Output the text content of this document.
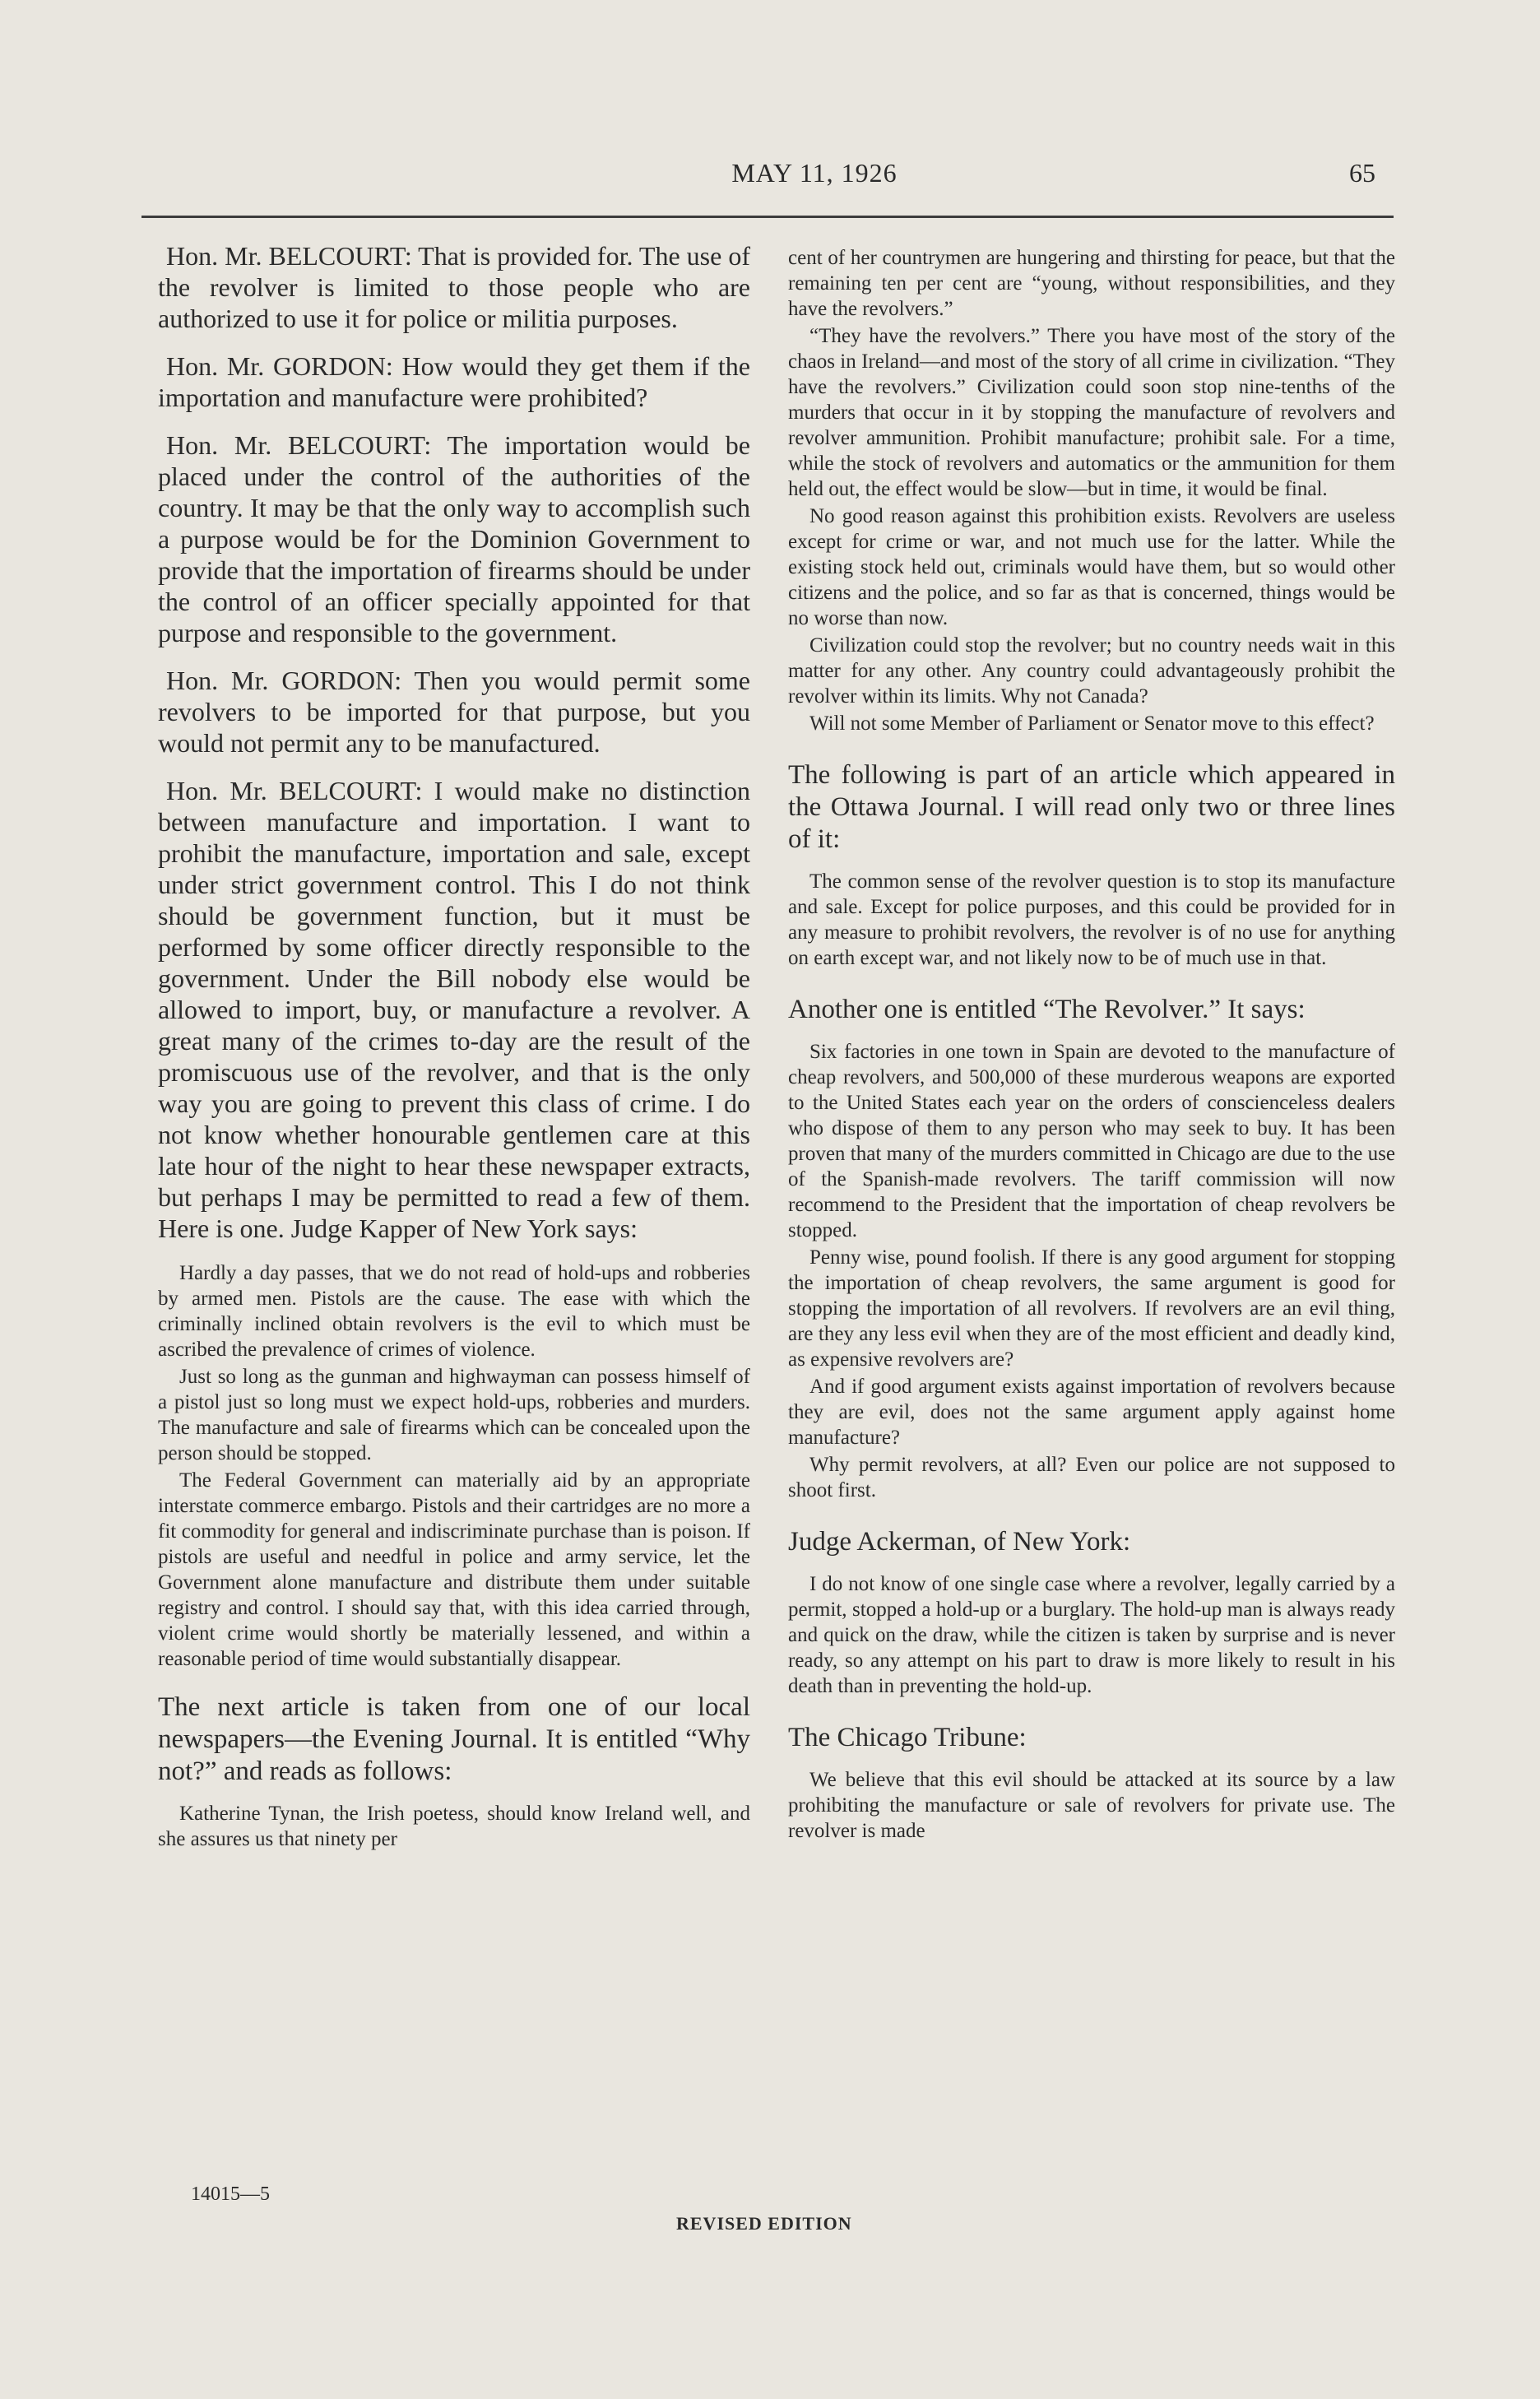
MAY 11, 1926	65

Hon. Mr. BELCOURT: That is provided for. The use of the revolver is limited to those people who are authorized to use it for police or militia purposes.

Hon. Mr. GORDON: How would they get them if the importation and manufacture were prohibited?

Hon. Mr. BELCOURT: The importation would be placed under the control of the authorities of the country. It may be that the only way to accomplish such a purpose would be for the Dominion Government to provide that the importation of firearms should be under the control of an officer specially appointed for that purpose and responsible to the government.

Hon. Mr. GORDON: Then you would permit some revolvers to be imported for that purpose, but you would not permit any to be manufactured.

Hon. Mr. BELCOURT: I would make no distinction between manufacture and importation. I want to prohibit the manufacture, importation and sale, except under strict government control. This I do not think should be government function, but it must be performed by some officer directly responsible to the government. Under the Bill nobody else would be allowed to import, buy, or manufacture a revolver. A great many of the crimes to-day are the result of the promiscuous use of the revolver, and that is the only way you are going to prevent this class of crime. I do not know whether honourable gentlemen care at this late hour of the night to hear these newspaper extracts, but perhaps I may be permitted to read a few of them. Here is one. Judge Kapper of New York says:

Hardly a day passes, that we do not read of hold-ups and robberies by armed men. Pistols are the cause. The ease with which the criminally inclined obtain revolvers is the evil to which must be ascribed the prevalence of crimes of violence.

Just so long as the gunman and highwayman can possess himself of a pistol just so long must we expect hold-ups, robberies and murders. The manufacture and sale of firearms which can be concealed upon the person should be stopped.

The Federal Government can materially aid by an appropriate interstate commerce embargo. Pistols and their cartridges are no more a fit commodity for general and indiscriminate purchase than is poison. If pistols are useful and needful in police and army service, let the Government alone manufacture and distribute them under suitable registry and control. I should say that, with this idea carried through, violent crime would shortly be materially lessened, and within a reasonable period of time would substantially disappear.

The next article is taken from one of our local newspapers—the Evening Journal. It is entitled “Why not?” and reads as follows:

Katherine Tynan, the Irish poetess, should know Ireland well, and she assures us that ninety per

cent of her countrymen are hungering and thirsting for peace, but that the remaining ten per cent are “young, without responsibilities, and they have the revolvers.”

“They have the revolvers.” There you have most of the story of the chaos in Ireland—and most of the story of all crime in civilization. “They have the revolvers.” Civilization could soon stop nine-tenths of the murders that occur in it by stopping the manufacture of revolvers and revolver ammunition. Prohibit manufacture; prohibit sale. For a time, while the stock of revolvers and automatics or the ammunition for them held out, the effect would be slow—but in time, it would be final.

No good reason against this prohibition exists. Revolvers are useless except for crime or war, and not much use for the latter. While the existing stock held out, criminals would have them, but so would other citizens and the police, and so far as that is concerned, things would be no worse than now.

Civilization could stop the revolver; but no country needs wait in this matter for any other. Any country could advantageously prohibit the revolver within its limits. Why not Canada?

Will not some Member of Parliament or Senator move to this effect?

The following is part of an article which appeared in the Ottawa Journal. I will read only two or three lines of it:

The common sense of the revolver question is to stop its manufacture and sale. Except for police purposes, and this could be provided for in any measure to prohibit revolvers, the revolver is of no use for anything on earth except war, and not likely now to be of much use in that.

Another one is entitled “The Revolver.” It says:

Six factories in one town in Spain are devoted to the manufacture of cheap revolvers, and 500,000 of these murderous weapons are exported to the United States each year on the orders of conscienceless dealers who dispose of them to any person who may seek to buy. It has been proven that many of the murders committed in Chicago are due to the use of the Spanish-made revolvers. The tariff commission will now recommend to the President that the importation of cheap revolvers be stopped.

Penny wise, pound foolish. If there is any good argument for stopping the importation of cheap revolvers, the same argument is good for stopping the importation of all revolvers. If revolvers are an evil thing, are they any less evil when they are of the most efficient and deadly kind, as expensive revolvers are?

And if good argument exists against importation of revolvers because they are evil, does not the same argument apply against home manufacture?

Why permit revolvers, at all? Even our police are not supposed to shoot first.

Judge Ackerman, of New York:

I do not know of one single case where a revolver, legally carried by a permit, stopped a hold-up or a burglary. The hold-up man is always ready and quick on the draw, while the citizen is taken by surprise and is never ready, so any attempt on his part to draw is more likely to result in his death than in preventing the hold-up.

The Chicago Tribune:

We believe that this evil should be attacked at its source by a law prohibiting the manufacture or sale of revolvers for private use. The revolver is made

14015—5
REVISED EDITION
